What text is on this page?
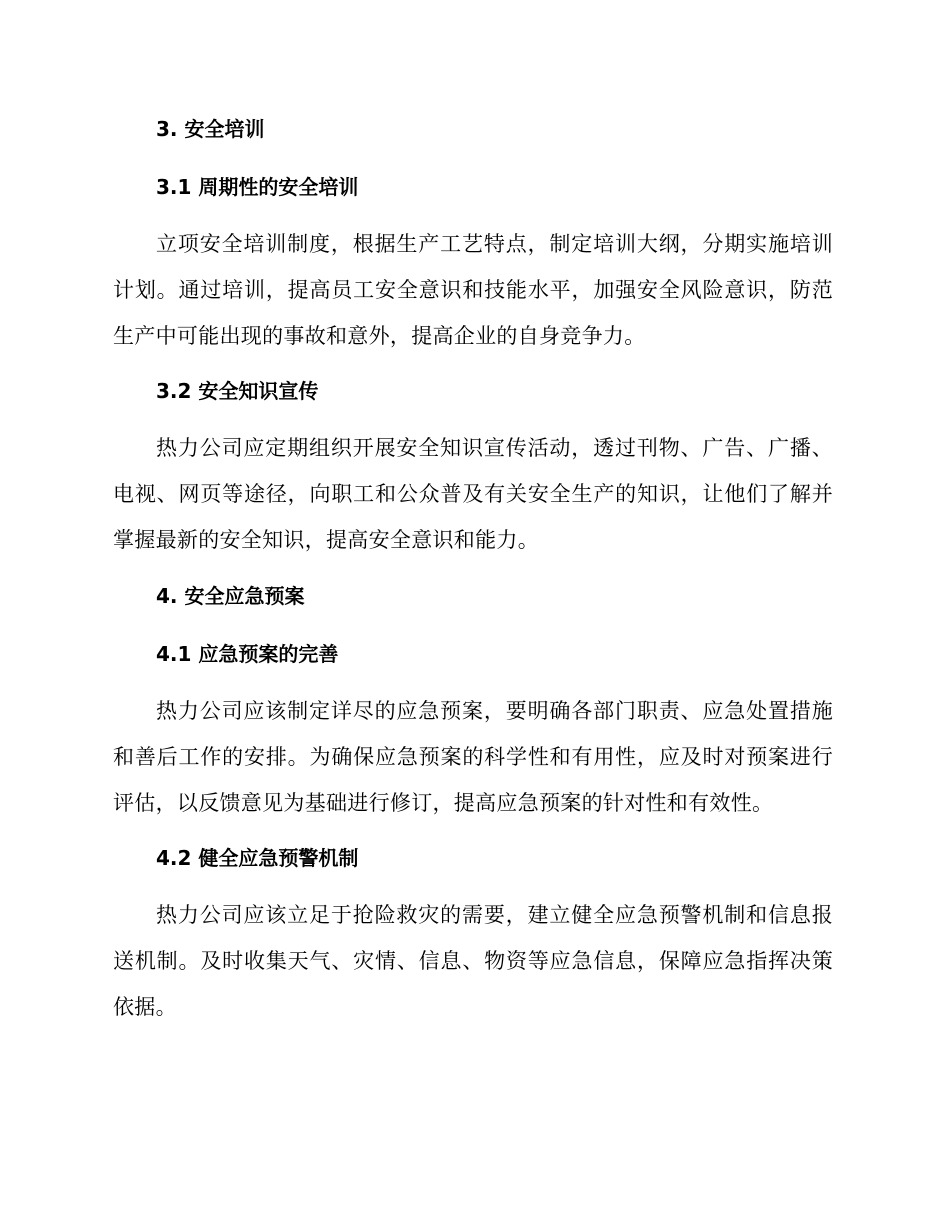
3. 安全培训
3.1 周期性的安全培训
立项安全培训制度，根据生产工艺特点，制定培训大纲，分期实施培训计划。通过培训，提高员工安全意识和技能水平，加强安全风险意识，防范生产中可能出现的事故和意外，提高企业的自身竞争力。
3.2 安全知识宣传
热力公司应定期组织开展安全知识宣传活动，透过刊物、广告、广播、电视、网页等途径，向职工和公众普及有关安全生产的知识，让他们了解并掌握最新的安全知识，提高安全意识和能力。
4. 安全应急预案
4.1 应急预案的完善
热力公司应该制定详尽的应急预案，要明确各部门职责、应急处置措施和善后工作的安排。为确保应急预案的科学性和有用性，应及时对预案进行评估，以反馈意见为基础进行修订，提高应急预案的针对性和有效性。
4.2 健全应急预警机制
热力公司应该立足于抢险救灾的需要，建立健全应急预警机制和信息报送机制。及时收集天气、灾情、信息、物资等应急信息，保障应急指挥决策依据。
